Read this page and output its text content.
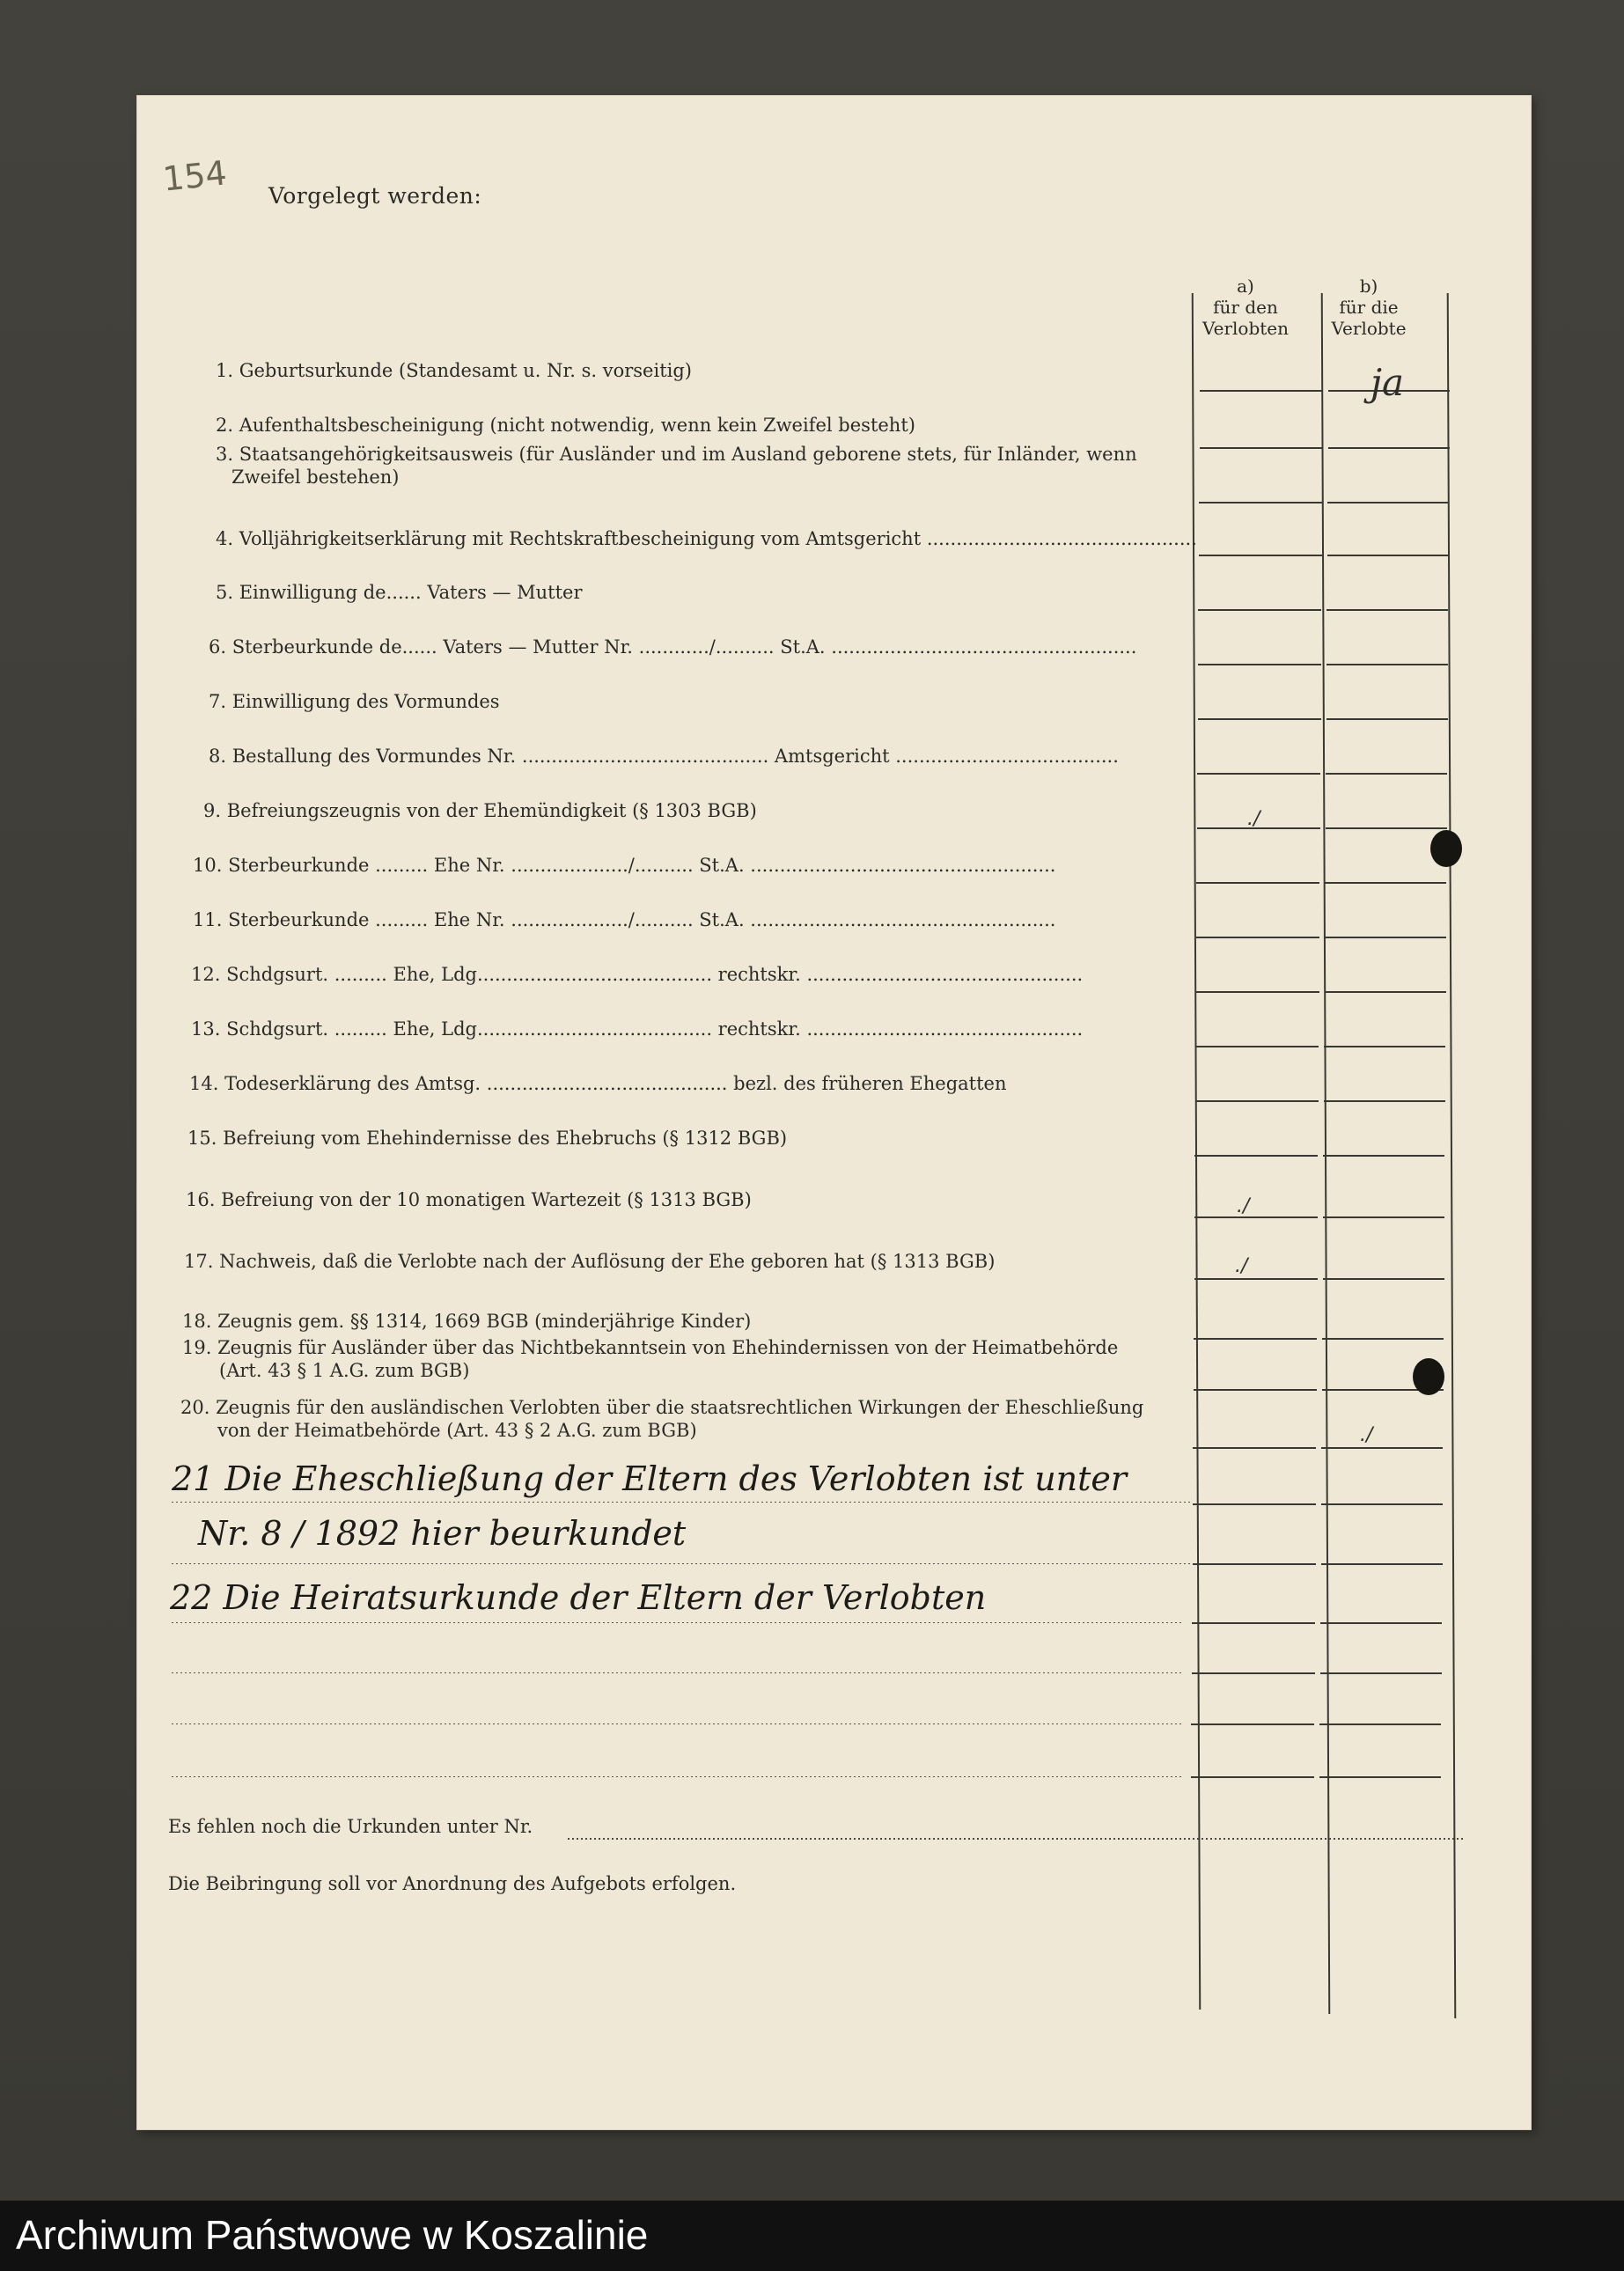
154 Vorgelegt werden:
a)
für den
Verlobten
b)
für die
Verlobte
1. Geburtsurkunde (Standesamt u. Nr. s. vorseitig)
2. Aufenthaltsbescheinigung (nicht notwendig, wenn kein Zweifel besteht)
3. Staatsangehörigkeitsausweis (für Ausländer und im Ausland geborene stets, für Inländer, wenn
Zweifel bestehen)
4. Volljährigkeitserklärung mit Rechtskraftbescheinigung vom Amtsgericht ..............................................
5. Einwilligung de...... Vaters — Mutter
6. Sterbeurkunde de...... Vaters — Mutter Nr. ............/.......... St.A. ....................................................
7. Einwilligung des Vormundes
8. Bestallung des Vormundes Nr. .......................................... Amtsgericht ......................................
9. Befreiungszeugnis von der Ehemündigkeit (§ 1303 BGB)
10. Sterbeurkunde ......... Ehe Nr. ..................../.......... St.A. ....................................................
11. Sterbeurkunde ......... Ehe Nr. ..................../.......... St.A. ....................................................
12. Schdgsurt. ......... Ehe, Ldg........................................ rechtskr. ...............................................
13. Schdgsurt. ......... Ehe, Ldg........................................ rechtskr. ...............................................
14. Todeserklärung des Amtsg. ......................................... bezl. des früheren Ehegatten
15. Befreiung vom Ehehindernisse des Ehebruchs (§ 1312 BGB)
16. Befreiung von der 10 monatigen Wartezeit (§ 1313 BGB)
17. Nachweis, daß die Verlobte nach der Auflösung der Ehe geboren hat (§ 1313 BGB)
18. Zeugnis gem. §§ 1314, 1669 BGB (minderjährige Kinder)
19. Zeugnis für Ausländer über das Nichtbekanntsein von Ehehindernissen von der Heimatbehörde
(Art. 43 § 1 A.G. zum BGB)
20. Zeugnis für den ausländischen Verlobten über die staatsrechtlichen Wirkungen der Eheschließung
von der Heimatbehörde (Art. 43 § 2 A.G. zum BGB)
ja
./
./
./
./
21 Die Eheschließung der Eltern des Verlobten ist unter
Nr. 8 / 1892 hier beurkundet
22 Die Heiratsurkunde der Eltern der Verlobten
Es fehlen noch die Urkunden unter Nr.
Die Beibringung soll vor Anordnung des Aufgebots erfolgen.
Archiwum Państwowe w Koszalinie
